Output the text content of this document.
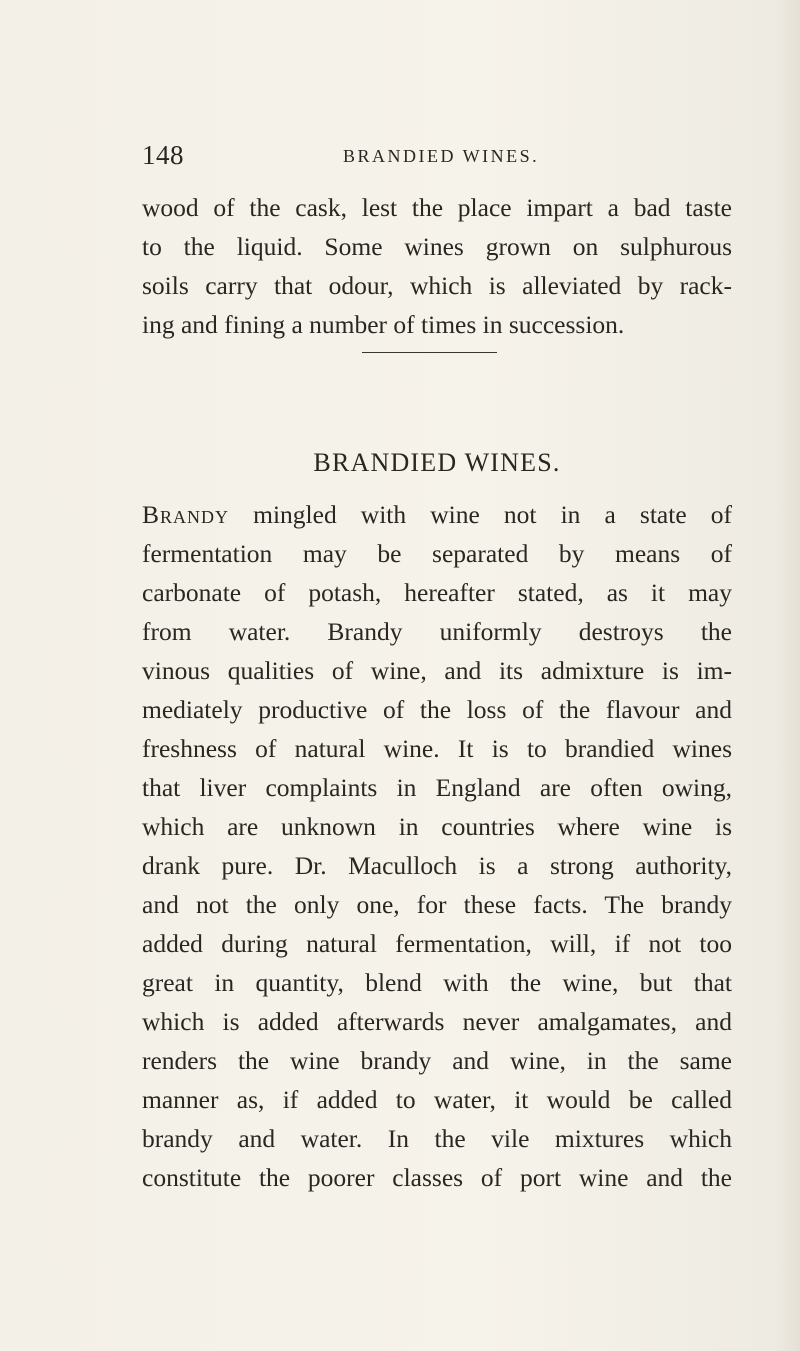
148	BRANDIED WINES.
wood of the cask, lest the place impart a bad taste
to the liquid. Some wines grown on sulphurous
soils carry that odour, which is alleviated by rack-
ing and fining a number of times in succession.
BRANDIED WINES.
Brandy mingled with wine not in a state of
fermentation may be separated by means of
carbonate of potash, hereafter stated, as it may
from water. Brandy uniformly destroys the
vinous qualities of wine, and its admixture is im-
mediately productive of the loss of the flavour and
freshness of natural wine. It is to brandied wines
that liver complaints in England are often owing,
which are unknown in countries where wine is
drank pure. Dr. Maculloch is a strong authority,
and not the only one, for these facts. The brandy
added during natural fermentation, will, if not too
great in quantity, blend with the wine, but that
which is added afterwards never amalgamates, and
renders the wine brandy and wine, in the same
manner as, if added to water, it would be called
brandy and water. In the vile mixtures which
constitute the poorer classes of port wine and the
